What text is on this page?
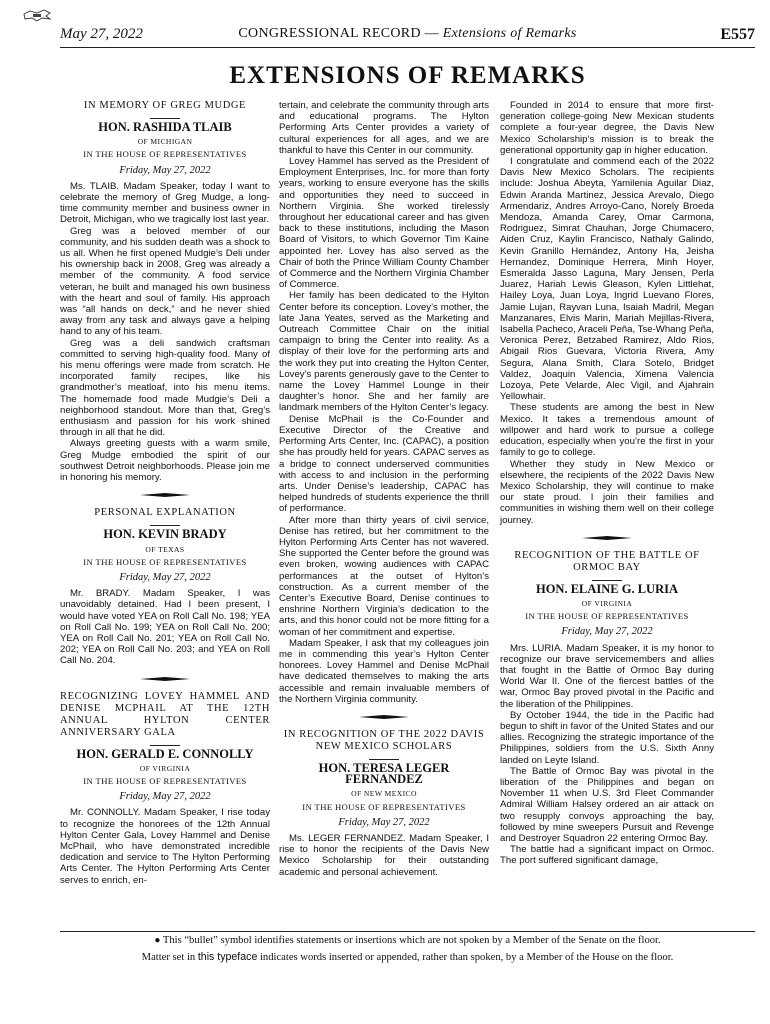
May 27, 2022	CONGRESSIONAL RECORD — Extensions of Remarks	E557
EXTENSIONS OF REMARKS
IN MEMORY OF GREG MUDGE
HON. RASHIDA TLAIB
OF MICHIGAN
IN THE HOUSE OF REPRESENTATIVES
Friday, May 27, 2022

Ms. TLAIB. Madam Speaker, today I want to celebrate the memory of Greg Mudge, a long-time community member and business owner in Detroit, Michigan, who we tragically lost last year.

Greg was a beloved member of our community, and his sudden death was a shock to us all. When he first opened Mudgie’s Deli under his ownership back in 2008, Greg was already a member of the community. A food service veteran, he built and managed his own business with the heart and soul of family. His approach was “all hands on deck,” and he never shied away from any task and always gave a helping hand to any of his team.

Greg was a deli sandwich craftsman committed to serving high-quality food. Many of his menu offerings were made from scratch. He incorporated family recipes, like his grandmother’s meatloaf, into his menu items. The homemade food made Mudgie’s Deli a neighborhood standout. More than that, Greg’s enthusiasm and passion for his work shined through in all that he did.

Always greeting guests with a warm smile, Greg Mudge embodied the spirit of our southwest Detroit neighborhoods. Please join me in honoring his memory.

PERSONAL EXPLANATION
HON. KEVIN BRADY
OF TEXAS
IN THE HOUSE OF REPRESENTATIVES
Friday, May 27, 2022

Mr. BRADY. Madam Speaker, I was unavoidably detained. Had I been present, I would have voted YEA on Roll Call No. 198; YEA on Roll Call No. 199; YEA on Roll Call No. 200; YEA on Roll Call No. 201; YEA on Roll Call No. 202; YEA on Roll Call No. 203; and YEA on Roll Call No. 204.

RECOGNIZING LOVEY HAMMEL AND DENISE MCPHAIL AT THE 12TH ANNUAL HYLTON CENTER ANNIVERSARY GALA
HON. GERALD E. CONNOLLY
OF VIRGINIA
IN THE HOUSE OF REPRESENTATIVES
Friday, May 27, 2022

Mr. CONNOLLY. Madam Speaker, I rise today to recognize the honorees of the 12th Annual Hylton Center Gala, Lovey Hammel and Denise McPhail, who have demonstrated incredible dedication and service to The Hylton Performing Arts Center. The Hylton Performing Arts Center serves to enrich, en-

tertain, and celebrate the community through arts and educational programs. The Hylton Performing Arts Center provides a variety of cultural experiences for all ages, and we are thankful to have this Center in our community.

Lovey Hammel has served as the President of Employment Enterprises, Inc. for more than forty years, working to ensure everyone has the skills and opportunities they need to succeed in Northern Virginia. She worked tirelessly throughout her educational career and has given back to these institutions, including the Mason Board of Visitors, to which Governor Tim Kaine appointed her. Lovey has also served as the Chair of both the Prince William County Chamber of Commerce and the Northern Virginia Chamber of Commerce.

Her family has been dedicated to the Hylton Center before its conception. Lovey’s mother, the late Jana Yeates, served as the Marketing and Outreach Committee Chair on the initial campaign to bring the Center into reality. As a display of their love for the performing arts and the work they put into creating the Hylton Center, Lovey’s parents generously gave to the Center to name the Lovey Hammel Lounge in their daughter’s honor. She and her family are landmark members of the Hylton Center’s legacy.

Denise McPhail is the Co-Founder and Executive Director of the Creative and Performing Arts Center, Inc. (CAPAC), a position she has proudly held for years. CAPAC serves as a bridge to connect underserved communities with access to and inclusion in the performing arts. Under Denise’s leadership, CAPAC has helped hundreds of students experience the thrill of performance.

After more than thirty years of civil service, Denise has retired, but her commitment to the Hylton Performing Arts Center has not wavered. She supported the Center before the ground was even broken, wowing audiences with CAPAC performances at the outset of Hylton’s construction. As a current member of the Center’s Executive Board, Denise continues to enshrine Northern Virginia’s dedication to the arts, and this honor could not be more fitting for a woman of her commitment and expertise.

Madam Speaker, I ask that my colleagues join me in commending this year’s Hylton Center honorees. Lovey Hammel and Denise McPhail have dedicated themselves to making the arts accessible and remain invaluable members of the Northern Virginia community.

IN RECOGNITION OF THE 2022 DAVIS NEW MEXICO SCHOLARS
HON. TERESA LEGER FERNANDEZ
OF NEW MEXICO
IN THE HOUSE OF REPRESENTATIVES
Friday, May 27, 2022

Ms. LEGER FERNANDEZ. Madam Speaker, I rise to honor the recipients of the Davis New Mexico Scholarship for their outstanding academic and personal achievement.

Founded in 2014 to ensure that more first-generation college-going New Mexican students complete a four-year degree, the Davis New Mexico Scholarship’s mission is to break the generational opportunity gap in higher education.

I congratulate and commend each of the 2022 Davis New Mexico Scholars. The recipients include: Joshua Abeyta, Yamilenia Aguilar Diaz, Edwin Aranda Martinez, Jessica Arevalo, Diego Armendariz, Andres Arroyo-Cano, Norely Broeda Mendoza, Amanda Carey, Omar Carmona, Rodriguez, Simrat Chauhan, Jorge Chumacero, Aiden Cruz, Kaylin Francisco, Nathaly Galindo, Kevin Granillo Hernández, Antony Ha, Jeisha Hernandez, Dominique Herrera, Minh Hoyer, Esmeralda Jasso Laguna, Mary Jensen, Perla Juarez, Hariah Lewis Gleason, Kylen Littlehat, Hailey Loya, Juan Loya, Ingrid Luevano Flores, Jamie Lujan, Rayvan Luna, Isaiah Madril, Megan Manzanares, Elvis Marin, Mariah Mejillas-Rivera, Isabella Pacheco, Araceli Peña, Tse-Whang Peña, Veronica Perez, Betzabed Ramirez, Aldo Rios, Abigail Rios Guevara, Victoria Rivera, Amy Segura, Alana Smith, Clara Sotelo, Bridget Valdez, Joaquin Valencia, Ximena Valencia Lozoya, Pete Velarde, Alec Vigil, and Ajahrain Yellowhair.

These students are among the best in New Mexico. It takes a tremendous amount of willpower and hard work to pursue a college education, especially when you’re the first in your family to go to college.

Whether they study in New Mexico or elsewhere, the recipients of the 2022 Davis New Mexico Scholarship, they will continue to make our state proud. I join their families and communities in wishing them well on their college journey.

RECOGNITION OF THE BATTLE OF ORMOC BAY
HON. ELAINE G. LURIA
OF VIRGINIA
IN THE HOUSE OF REPRESENTATIVES
Friday, May 27, 2022

Mrs. LURIA. Madam Speaker, it is my honor to recognize our brave servicemembers and allies that fought in the Battle of Ormoc Bay during World War II. One of the fiercest battles of the war, Ormoc Bay proved pivotal in the Pacific and the liberation of the Philippines.

By October 1944, the tide in the Pacific had begun to shift in favor of the United States and our allies. Recognizing the strategic importance of the Philippines, soldiers from the U.S. Sixth Anny landed on Leyte Island.

The Battle of Ormoc Bay was pivotal in the liberation of the Philippines and began on November 11 when U.S. 3rd Fleet Commander Admiral William Halsey ordered an air attack on two resupply convoys approaching the bay, followed by mine sweepers Pursuit and Revenge and Destroyer Squadron 22 entering Ormoc Bay.

The battle had a significant impact on Ormoc. The port suffered significant damage,

● This “bullet” symbol identifies statements or insertions which are not spoken by a Member of the Senate on the floor.
Matter set in this typeface indicates words inserted or appended, rather than spoken, by a Member of the House on the floor.
